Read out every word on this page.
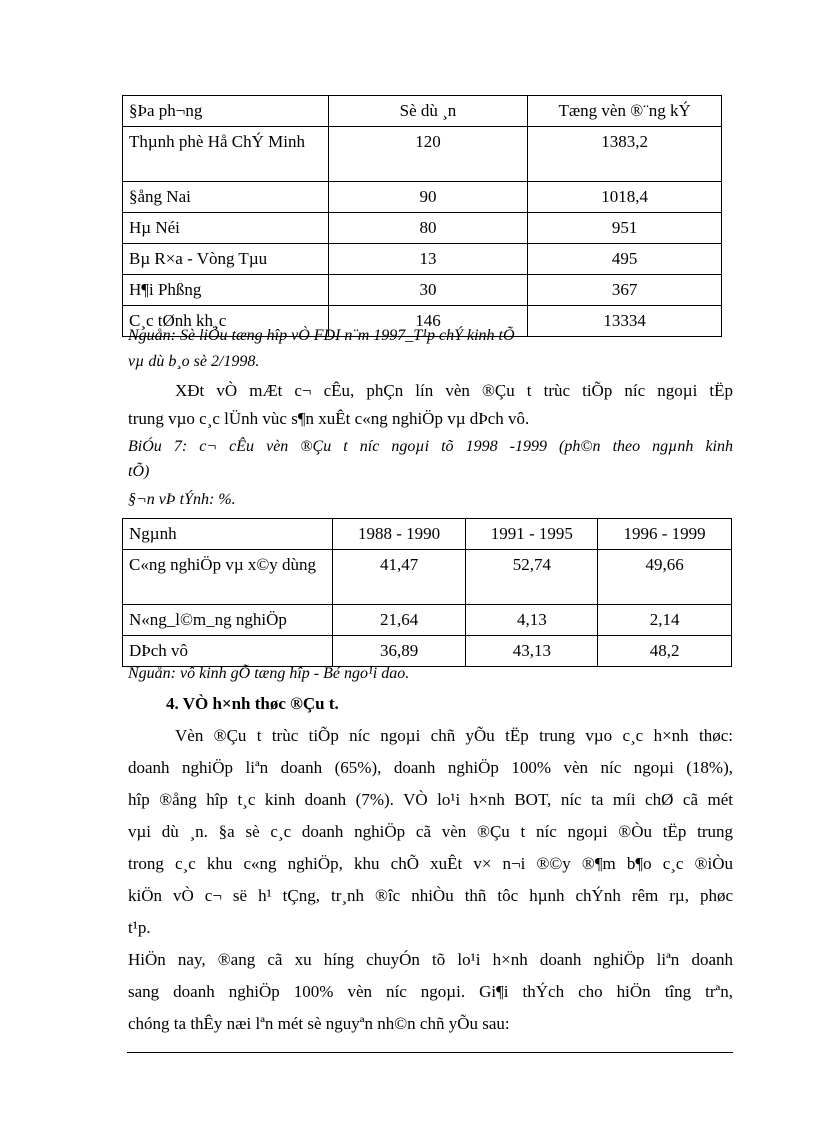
§Þa ph¬ng	Sè dù ¸n	Tæng vèn ®¨ng kÝ
Thµnh phè Hå ChÝ Minh	120	1383,2
§ång Nai	90	1018,4
Hµ Néi	80	951
Bµ R×a - Vòng Tµu	13	495
H¶i Phßng	30	367
C¸c tØnh kh¸c	146	13334

Nguån: Sè liÖu tæng hîp vÒ FDI n¨m 1997_T¹p chÝ kinh tÕ

vµ dù b¸o sè 2/1998.

XÐt vÒ mÆt c¬ cÊu, phÇn lín vèn ®Çu t trùc tiÕp níc ngoµi tËp

trung vµo c¸c lÜnh vùc s¶n xuÊt c«ng nghiÖp vµ dÞch vô.

BiÓu 7: c¬ cÊu vèn ®Çu t níc ngoµi tõ 1998 -1999 (ph©n theo ngµnh kinh

tÕ)

§¬n vÞ tÝnh: %.

Ngµnh	1988 - 1990	1991 - 1995	1996 - 1999
C«ng nghiÖp vµ x©y dùng	41,47	52,74	49,66
N«ng_l©m_ng nghiÖp	21,64	4,13	2,14
DÞch vô	36,89	43,13	48,2

Nguån: vô kinh gÕ tæng hîp - Bé ngo¹i dao.

4. VÒ h×nh thøc ®Çu t.

Vèn ®Çu t trùc tiÕp níc ngoµi chñ yÕu tËp trung vµo c¸c h×nh thøc:

doanh nghiÖp liªn doanh (65%), doanh nghiÖp 100% vèn níc ngoµi (18%),

hîp ®ång hîp t¸c kinh doanh (7%). VÒ lo¹i h×nh BOT, níc ta míi chØ cã mét

vµi dù ¸n. §a sè c¸c doanh nghiÖp cã vèn ®Çu t níc ngoµi ®Òu tËp trung

trong c¸c khu c«ng nghiÖp, khu chÕ xuÊt v× n¬i ®©y ®¶m b¶o c¸c ®iÒu

kiÖn vÒ c¬ së h¹ tÇng, tr¸nh ®îc nhiÒu thñ tôc hµnh chÝnh rêm rµ, phøc

t¹p.

HiÖn nay, ®ang cã xu híng chuyÓn tõ lo¹i h×nh doanh nghiÖp liªn doanh

sang doanh nghiÖp 100% vèn níc ngoµi. Gi¶i thÝch cho hiÖn tîng trªn,

chóng ta thÊy næi lªn mét sè nguyªn nh©n chñ yÕu sau:
